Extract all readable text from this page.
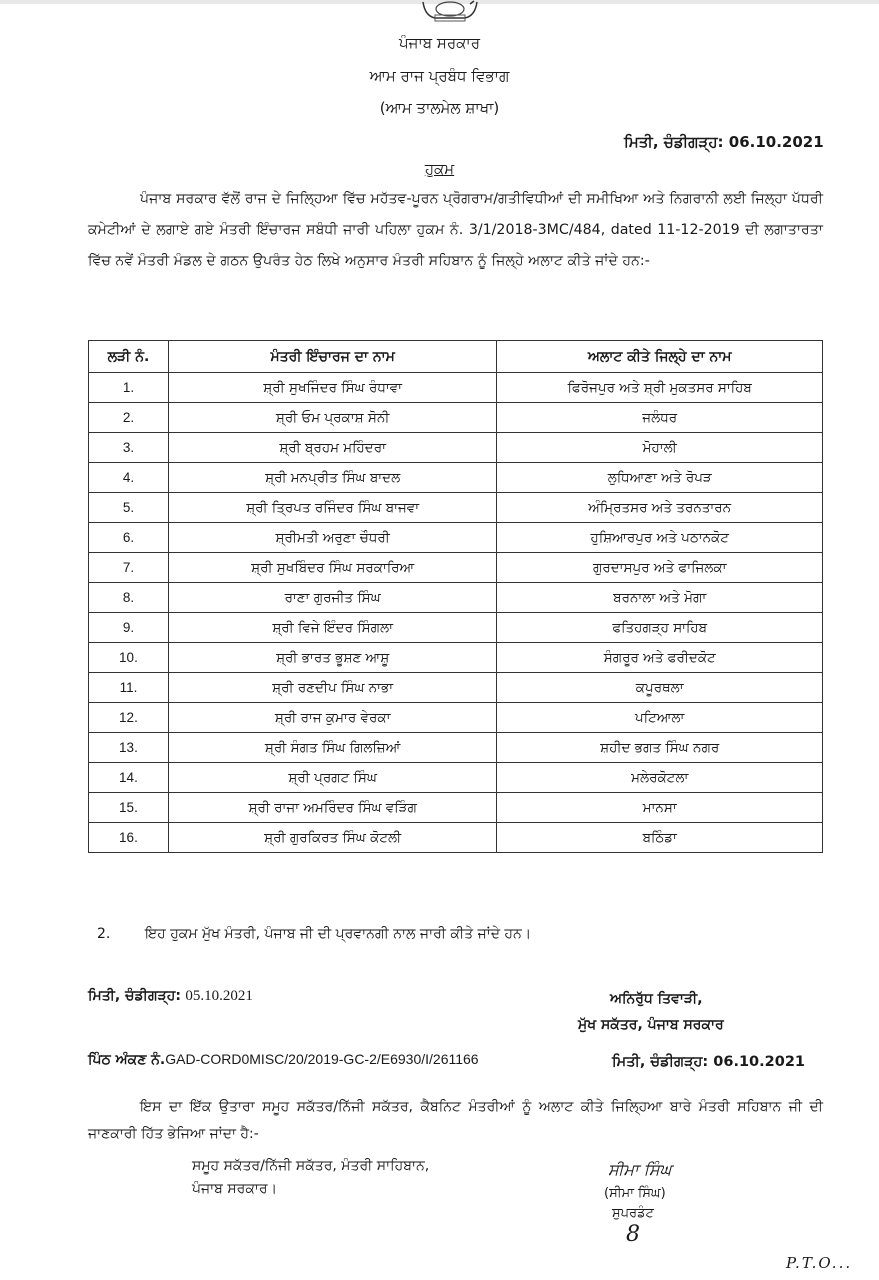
ਪੰਜਾਬ ਸਰਕਾਰ
ਆਮ ਰਾਜ ਪ੍ਰਬੰਧ ਵਿਭਾਗ
(ਆਮ ਤਾਲਮੇਲ ਸ਼ਾਖਾ)
ਮਿਤੀ, ਚੰਡੀਗੜ੍ਹ: 06.10.2021
ਹੁਕਮ
ਪੰਜਾਬ ਸਰਕਾਰ ਵੱਲੋਂ ਰਾਜ ਦੇ ਜਿਲ੍ਹਿਆ ਵਿੱਚ ਮਹੱਤਵ-ਪੂਰਨ ਪ੍ਰੋਗਰਾਮ/ਗਤੀਵਿਧੀਆਂ ਦੀ ਸਮੀਖਿਆ ਅਤੇ ਨਿਗਰਾਨੀ ਲਈ ਜਿਲ੍ਹਾ ਪੱਧਰੀ ਕਮੇਟੀਆਂ ਦੇ ਲਗਾਏ ਗਏ ਮੰਤਰੀ ਇੰਚਾਰਜ ਸਬੰਧੀ ਜਾਰੀ ਪਹਿਲਾ ਹੁਕਮ ਨੰ. 3/1/2018-3MC/484, dated 11-12-2019 ਦੀ ਲਗਾਤਾਰਤਾ ਵਿੱਚ ਨਵੇਂ ਮੰਤਰੀ ਮੰਡਲ ਦੇ ਗਠਨ ਉਪਰੰਤ ਹੇਠ ਲਿਖੇ ਅਨੁਸਾਰ ਮੰਤਰੀ ਸਹਿਬਾਨ ਨੂੰ ਜਿਲ੍ਹੇ ਅਲਾਟ ਕੀਤੇ ਜਾਂਦੇ ਹਨ:-
ਲੜੀ ਨੰ.	ਮੰਤਰੀ ਇੰਚਾਰਜ ਦਾ ਨਾਮ	ਅਲਾਟ ਕੀਤੇ ਜਿਲ੍ਹੇ ਦਾ ਨਾਮ
1.	ਸ਼੍ਰੀ ਸੁਖਜਿੰਦਰ ਸਿੰਘ ਰੰਧਾਵਾ	ਫਿਰੋਜਪੁਰ ਅਤੇ ਸ਼੍ਰੀ ਮੁਕਤਸਰ ਸਾਹਿਬ
2.	ਸ਼੍ਰੀ ਓਮ ਪ੍ਰਕਾਸ਼ ਸੋਨੀ	ਜਲੰਧਰ
3.	ਸ਼੍ਰੀ ਬ੍ਰਹਮ ਮਹਿੰਦਰਾ	ਮੋਹਾਲੀ
4.	ਸ਼੍ਰੀ ਮਨਪ੍ਰੀਤ ਸਿੰਘ ਬਾਦਲ	ਲੁਧਿਆਣਾ ਅਤੇ ਰੋਪੜ
5.	ਸ਼੍ਰੀ ਤ੍ਰਿਪਤ ਰਜਿੰਦਰ ਸਿੰਘ ਬਾਜਵਾ	ਅੰਮ੍ਰਿਤਸਰ ਅਤੇ ਤਰਨਤਾਰਨ
6.	ਸ਼੍ਰੀਮਤੀ ਅਰੁਣਾ ਚੌਧਰੀ	ਹੁਸ਼ਿਆਰਪੁਰ ਅਤੇ ਪਠਾਨਕੋਟ
7.	ਸ਼੍ਰੀ ਸੁਖਬਿੰਦਰ ਸਿੰਘ ਸਰਕਾਰਿਆ	ਗੁਰਦਾਸਪੁਰ ਅਤੇ ਫਾਜਿਲਕਾ
8.	ਰਾਣਾ ਗੁਰਜੀਤ ਸਿੰਘ	ਬਰਨਾਲਾ ਅਤੇ ਮੋਗਾ
9.	ਸ਼੍ਰੀ ਵਿਜੇ ਇੰਦਰ ਸਿੰਗਲਾ	ਫਤਿਹਗੜ੍ਹ ਸਾਹਿਬ
10.	ਸ਼੍ਰੀ ਭਾਰਤ ਭੂਸ਼ਣ ਆਸ਼ੂ	ਸੰਗਰੂਰ ਅਤੇ ਫਰੀਦਕੋਟ
11.	ਸ਼੍ਰੀ ਰਣਦੀਪ ਸਿੰਘ ਨਾਭਾ	ਕਪੂਰਥਲਾ
12.	ਸ਼੍ਰੀ ਰਾਜ ਕੁਮਾਰ ਵੇਰਕਾ	ਪਟਿਆਲਾ
13.	ਸ਼੍ਰੀ ਸੰਗਤ ਸਿੰਘ ਗਿਲਜ਼ਿਆਂ	ਸ਼ਹੀਦ ਭਗਤ ਸਿੰਘ ਨਗਰ
14.	ਸ਼੍ਰੀ ਪ੍ਰਗਟ ਸਿੰਘ	ਮਲੇਰਕੋਟਲਾ
15.	ਸ਼੍ਰੀ ਰਾਜਾ ਅਮਰਿੰਦਰ ਸਿੰਘ ਵੜਿੰਗ	ਮਾਨਸਾ
16.	ਸ਼੍ਰੀ ਗੁਰਕਿਰਤ ਸਿੰਘ ਕੋਟਲੀ	ਬਠਿੰਡਾ
2. ਇਹ ਹੁਕਮ ਮੁੱਖ ਮੰਤਰੀ, ਪੰਜਾਬ ਜੀ ਦੀ ਪ੍ਰਵਾਨਗੀ ਨਾਲ ਜਾਰੀ ਕੀਤੇ ਜਾਂਦੇ ਹਨ।
ਮਿਤੀ, ਚੰਡੀਗੜ੍ਹ: 05.10.2021	ਅਨਿਰੁੱਧ ਤਿਵਾੜੀ,
ਮੁੱਖ ਸਕੱਤਰ, ਪੰਜਾਬ ਸਰਕਾਰ
ਪਿੰਠ ਅੰਕਣ ਨੰ.GAD-CORD0MISC/20/2019-GC-2/E6930/I/261166	ਮਿਤੀ, ਚੰਡੀਗੜ੍ਹ: 06.10.2021
ਇਸ ਦਾ ਇੱਕ ਉਤਾਰਾ ਸਮੂਹ ਸਕੱਤਰ/ਨਿੱਜੀ ਸਕੱਤਰ, ਕੈਬਨਿਟ ਮੰਤਰੀਆਂ ਨੂੰ ਅਲਾਟ ਕੀਤੇ ਜਿਲ੍ਹਿਆ ਬਾਰੇ ਮੰਤਰੀ ਸਹਿਬਾਨ ਜੀ ਦੀ ਜਾਣਕਾਰੀ ਹਿੱਤ ਭੇਜਿਆ ਜਾਂਦਾ ਹੈ:-
ਸਮੂਹ ਸਕੱਤਰ/ਨਿੱਜੀ ਸਕੱਤਰ, ਮੰਤਰੀ ਸਾਹਿਬਾਨ,
ਪੰਜਾਬ ਸਰਕਾਰ।
ਸੀਮਾ ਸਿੰਘ
(ਸੀਮਾ ਸਿੰਘ)
ਸੁਪਰਡੰਟ
8
P.T.O...
